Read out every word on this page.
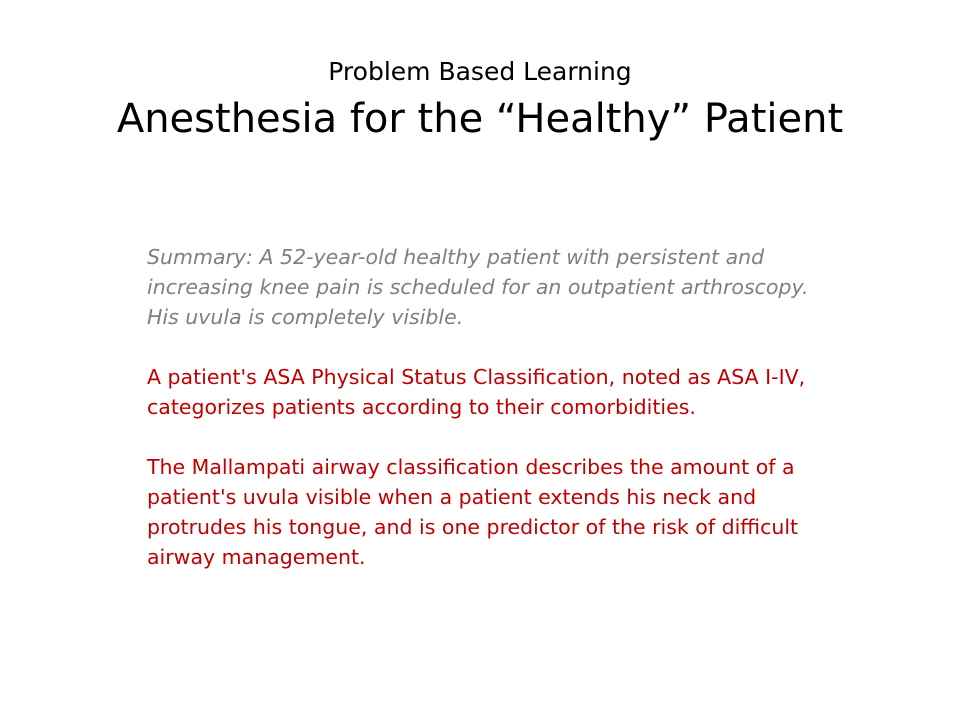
Problem Based Learning
Anesthesia for the “Healthy” Patient

Summary: A 52-year-old healthy patient with persistent and increasing knee pain is scheduled for an outpatient arthroscopy. His uvula is completely visible.

A patient's ASA Physical Status Classification, noted as ASA I-IV, categorizes patients according to their comorbidities.

The Mallampati airway classification describes the amount of a patient's uvula visible when a patient extends his neck and protrudes his tongue, and is one predictor of the risk of difficult airway management.
